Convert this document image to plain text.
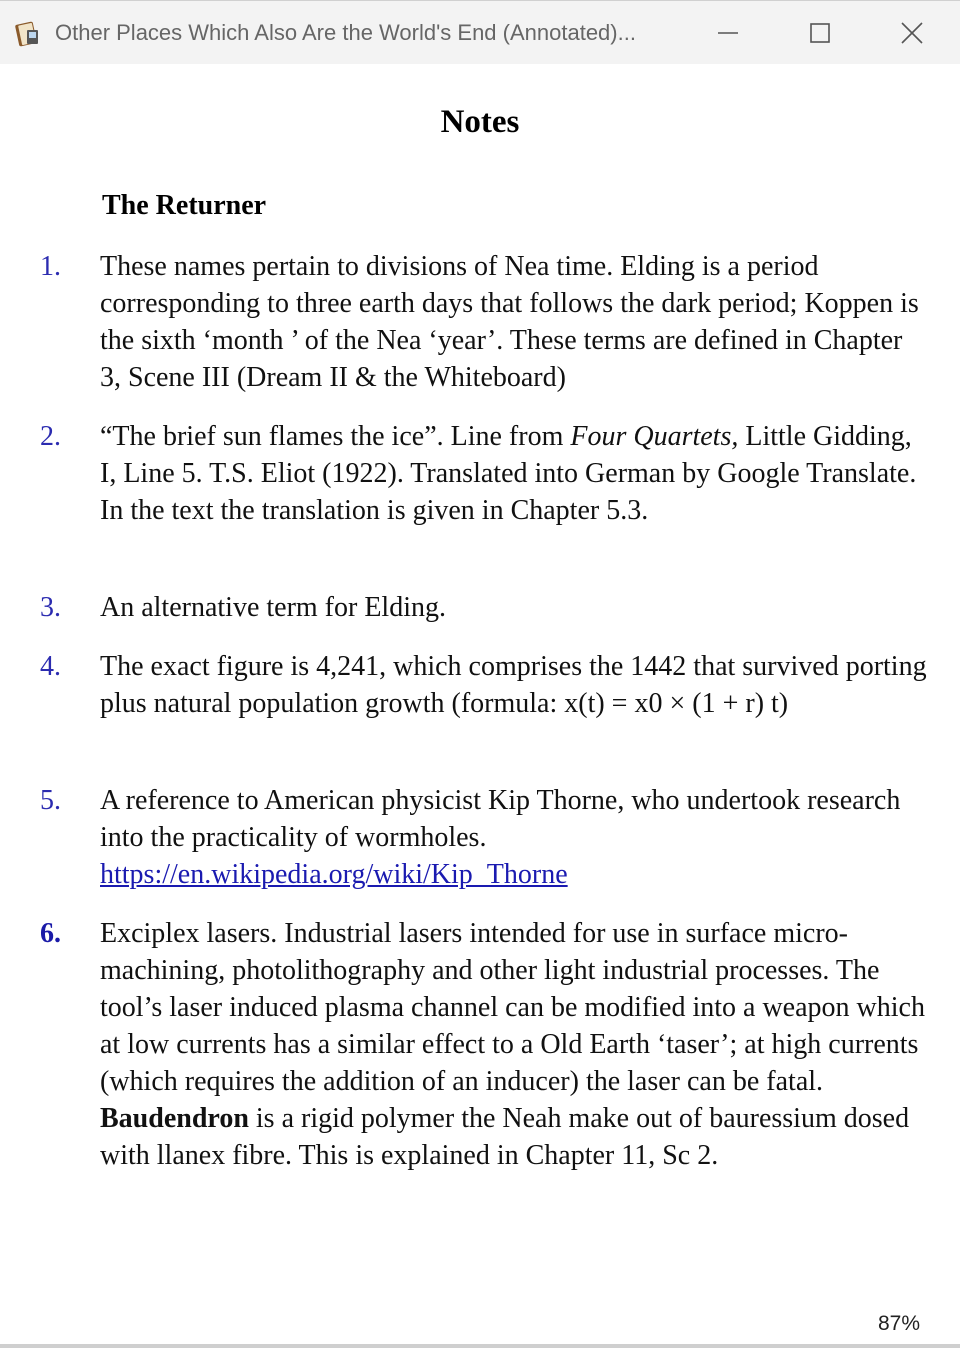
Other Places Which Also Are the World's End (Annotated)...
Notes
The Returner
1. These names pertain to divisions of Nea time. Elding is a period corresponding to three earth days that follows the dark period; Koppen is the sixth ‘month ’ of the Nea ‘year’. These terms are defined in Chapter 3, Scene III (Dream II & the Whiteboard)
2. “The brief sun flames the ice”. Line from Four Quartets, Little Gidding, I, Line 5. T.S. Eliot (1922). Translated into German by Google Translate. In the text the translation is given in Chapter 5.3.
3. An alternative term for Elding.
4. The exact figure is 4,241, which comprises the 1442 that survived porting plus natural population growth (formula: x(t) = x0 × (1 + r) t)
5. A reference to American physicist Kip Thorne, who undertook research into the practicality of wormholes. https://en.wikipedia.org/wiki/Kip_Thorne
6. Exciplex lasers. Industrial lasers intended for use in surface micro-machining, photolithography and other light industrial processes. The tool’s laser induced plasma channel can be modified into a weapon which at low currents has a similar effect to a Old Earth ‘taser’; at high currents (which requires the addition of an inducer) the laser can be fatal. Baudendron is a rigid polymer the Neah make out of bauressium dosed with llanex fibre. This is explained in Chapter 11, Sc 2.
87%
